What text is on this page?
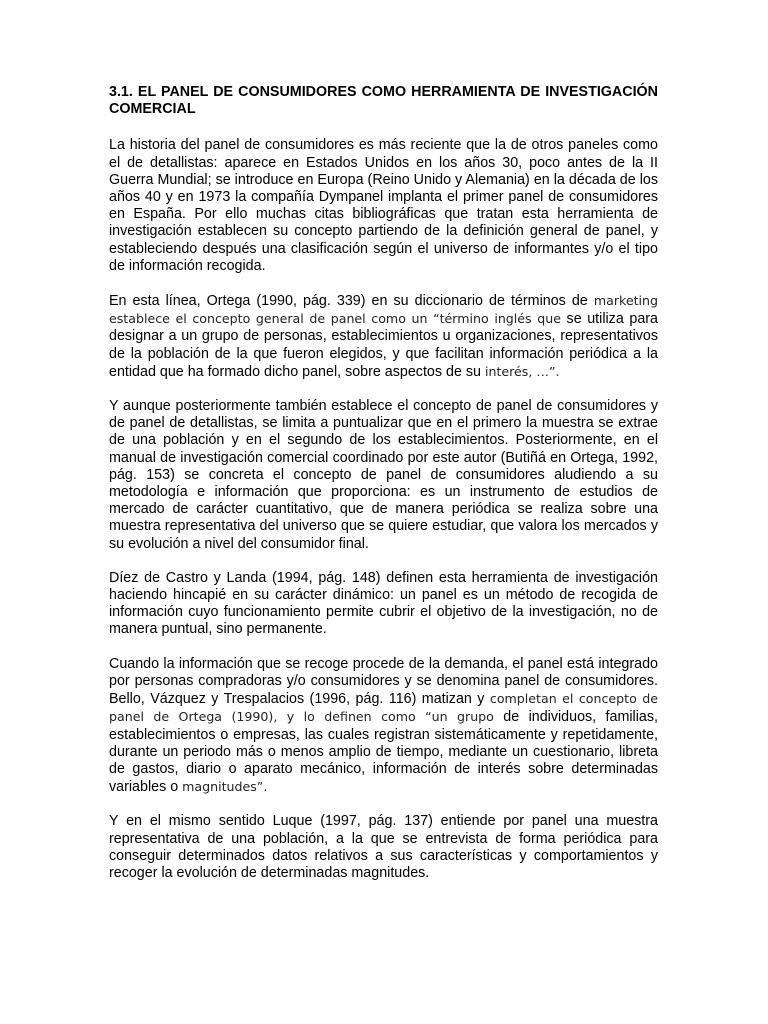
3.1. EL PANEL DE CONSUMIDORES COMO HERRAMIENTA DE INVESTIGACIÓN COMERCIAL

La historia del panel de consumidores es más reciente que la de otros paneles como el de detallistas: aparece en Estados Unidos en los años 30, poco antes de la II Guerra Mundial; se introduce en Europa (Reino Unido y Alemania) en la década de los años 40 y en 1973 la compañía Dympanel implanta el primer panel de consumidores en España. Por ello muchas citas bibliográficas que tratan esta herramienta de investigación establecen su concepto partiendo de la definición general de panel, y estableciendo después una clasificación según el universo de informantes y/o el tipo de información recogida.

En esta línea, Ortega (1990, pág. 339) en su diccionario de términos de marketing establece el concepto general de panel como un “término inglés que se utiliza para designar a un grupo de personas, establecimientos u organizaciones, representativos de la población de la que fueron elegidos, y que facilitan información periódica a la entidad que ha formado dicho panel, sobre aspectos de su interés, …”.

Y aunque posteriormente también establece el concepto de panel de consumidores y de panel de detallistas, se limita a puntualizar que en el primero la muestra se extrae de una población y en el segundo de los establecimientos. Posteriormente, en el manual de investigación comercial coordinado por este autor (Butiñá en Ortega, 1992, pág. 153) se concreta el concepto de panel de consumidores aludiendo a su metodología e información que proporciona: es un instrumento de estudios de mercado de carácter cuantitativo, que de manera periódica se realiza sobre una muestra representativa del universo que se quiere estudiar, que valora los mercados y su evolución a nivel del consumidor final.

Díez de Castro y Landa (1994, pág. 148) definen esta herramienta de investigación haciendo hincapié en su carácter dinámico: un panel es un método de recogida de información cuyo funcionamiento permite cubrir el objetivo de la investigación, no de manera puntual, sino permanente.

Cuando la información que se recoge procede de la demanda, el panel está integrado por personas compradoras y/o consumidores y se denomina panel de consumidores. Bello, Vázquez y Trespalacios (1996, pág. 116) matizan y completan el concepto de panel de Ortega (1990), y lo definen como “un grupo de individuos, familias, establecimientos o empresas, las cuales registran sistemáticamente y repetidamente, durante un periodo más o menos amplio de tiempo, mediante un cuestionario, libreta de gastos, diario o aparato mecánico, información de interés sobre determinadas variables o magnitudes”.

Y en el mismo sentido Luque (1997, pág. 137) entiende por panel una muestra representativa de una población, a la que se entrevista de forma periódica para conseguir determinados datos relativos a sus características y comportamientos y recoger la evolución de determinadas magnitudes.
